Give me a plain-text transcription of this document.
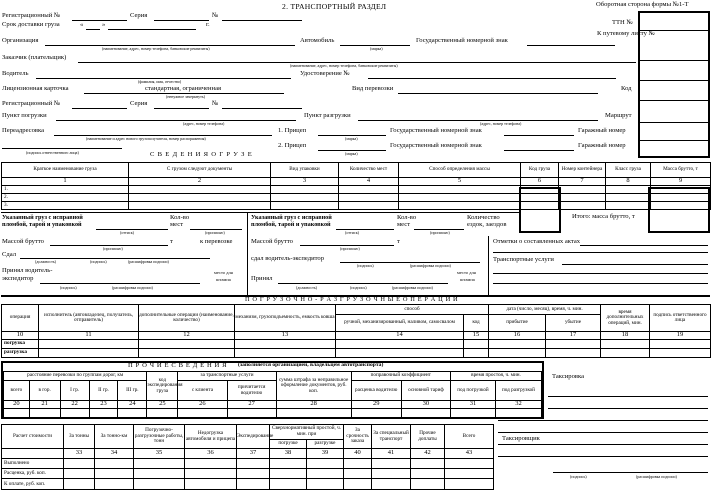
2. ТРАНСПОРТНЫЙ РАЗДЕЛ	Оборотная сторона формы №1-Т
ТТН №
К путевому листу №
Регистрационный №	Серия	№
Срок доставки груза	«	»	г.
Организация
(наименование, адрес, номер телефона, банковские реквизиты)
Автомобиль
(марка)
Государственный номерной знак
Заказчик (плательщик)
(наименование, адрес, номер телефона, банковские реквизиты)
Водитель
(фамилия, имя, отчество)
Удостоверение №
Лицензионная карточка	стандартная, ограниченная
(ненужное зачеркнуть)
Вид перевозки	Код
Регистрационный №	Серия	№
Пункт погрузки
(адрес, номер телефона)
Пункт разгрузки
(адрес, номер телефона)
Маршрут
Переадресовка
(наименование и адрес нового грузополучателя, номер распоряжения)
1. Прицеп
(марка)
Государственный номерной знак	Гаражный номер
(подпись ответственного лица)
2. Прицеп
(марка)
Государственный номерной знак	Гаражный номер
С В Е Д Е Н И Я О Г Р У З Е
Краткое наименование груза	С грузом следуют документы	Вид упаковки	Количество мест	Способ определения массы	Код груза	Номер контейнера	Класс груза	Масса брутто, т
1	2	3	4	5	6	7	8	9
1.								
2.								
3.								
Итого: масса брутто, т
Указанный груз с исправной
пломбой, тарой и упаковкой
Кол-во
мест
(оттиск)	(прописью)
Массой брутто	т	к перевозке
(прописью)
Сдал
(должность)	(подпись)	(расшифровка подписи)
Принял водитель-
экспедитор
(подпись)	(расшифровка подписи)
место для
штампа
Указанный груз с исправной
пломбой, тарой и упаковкой
Кол-во
мест
Количество
ездок, заездов
(оттиск)	(прописью)
Массой брутто	т
(прописью)
сдал водитель-экспедитор
(подпись)	(расшифровка подписи)
Принял
(должность)	(подпись)	(расшифровка подписи)
место для
штампа
Отметки о составленных актах
Транспортные услуги
П О Г Р У З О Ч Н О - Р А З Г Р У З О Ч Н Ы Е О П Е Р А Ц И И
операция	исполнитель (автовладелец, получатель, отправитель)	дополнительные операции (наименование, количество)	механизм, грузоподъемность, емкость ковша	способ		дата (число, месяц), время, ч. мин.		время дополнительных операций, мин.	подпись ответственного лица
				ручной, механизированный, наливом, самосвалом	код	прибытие	убытие		
10	11	12	13	14	15	16	17	18	19
погрузка									
разгрузка									
П Р О Ч И Е С В Е Д Е Н И Я (заполняется организацией, владельцем автотранспорта)
расстояние перевозки по группам дорог, км					код экспедирования груза	за транспортные услуги		сумма штрафа за неправильное оформление документов, руб. коп.	поправочный коэффициент		время простоя, ч. мин.	
всего	в гор.	I гр.	II гр.	III гр.		с клиента	причитается водителю		расценка водителю	основной тариф	под погрузкой	под разгрузкой
20	21	22	23	24	25	26	27	28	29	30	31	32

Расчет стоимости	За тонны	За тонно-км	Погрузочно-разгрузочные работы, тонн	Недогрузка автомобиля и прицепа	Экспедирование	Сверхнормативный простой, ч. мин. при		За срочность заказа	За специальный транспорт	Прочие доплаты	Всего
						погрузке	разгрузке				
	33	34	35	36	37	38	39	40	41	42	43
Выполнено											
Расценка, руб. коп.											
К оплате, руб. коп.											
Таксировка
Таксировщик
(подпись)	(расшифровка подписи)
